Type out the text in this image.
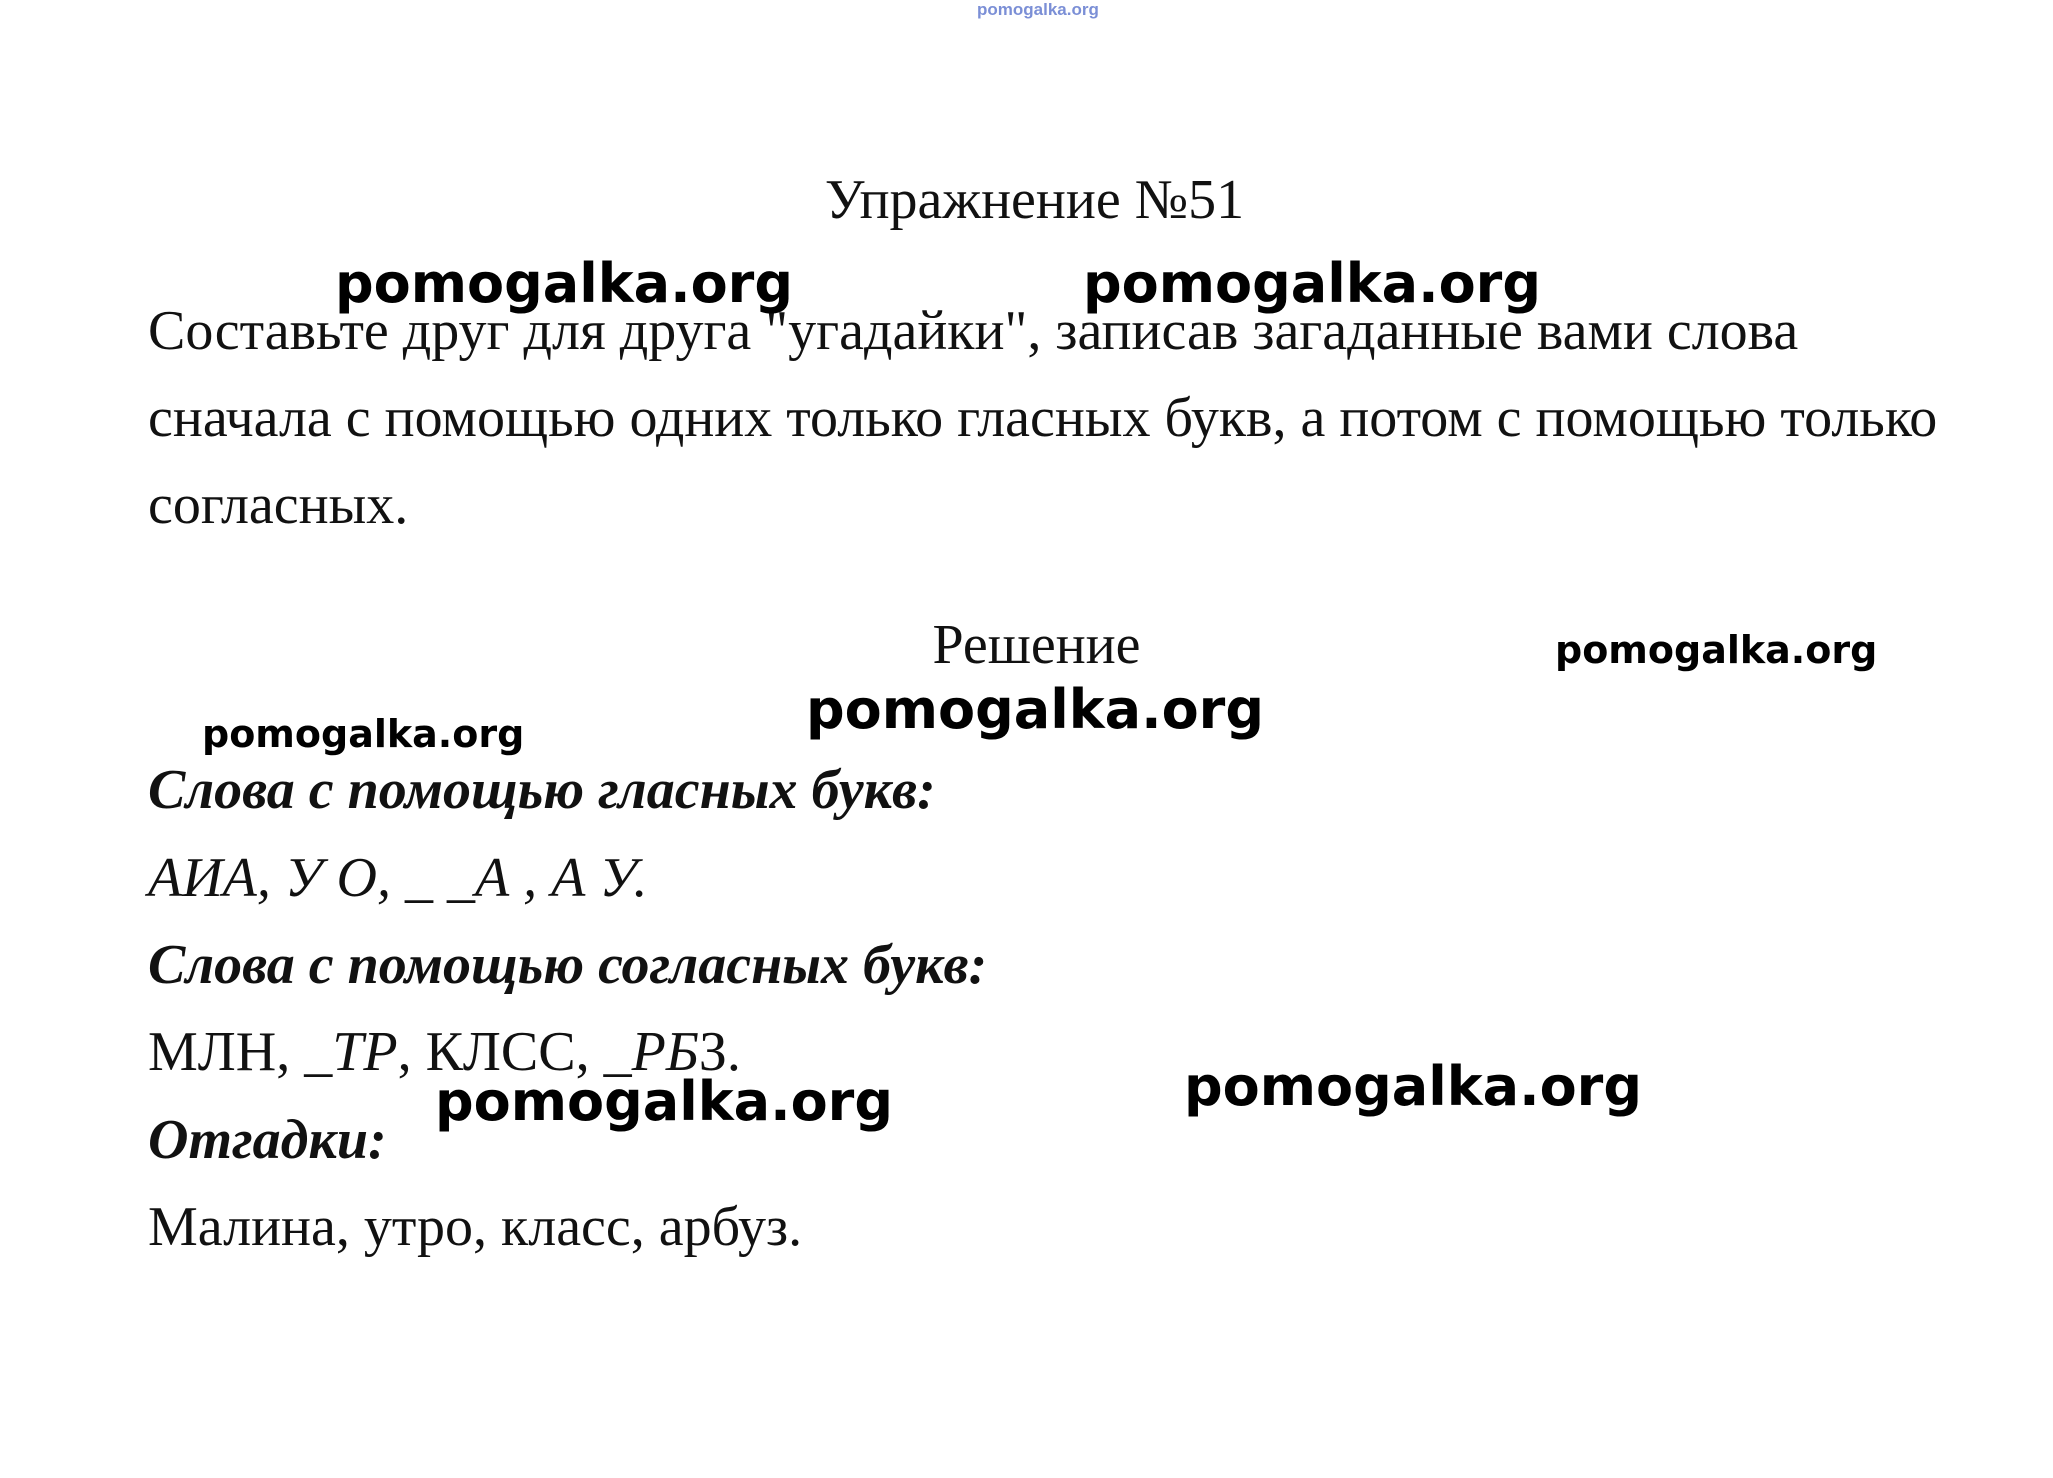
pomogalka.org
Упражнение №51
Составьте друг для друга "угадайки", записав загаданные вами слова сначала с помощью одних только гласных букв, а потом с помощью только согласных.
Решение
Слова с помощью гласных букв:
АИА, У О, _ _А , А У.
Слова с помощью согласных букв:
МЛН, _ТР, КЛСС, _РБЗ.
Отгадки:
Малина, утро, класс, арбуз.
pomogalka.org	pomogalka.org
pomogalka.org
pomogalka.org
pomogalka.org
pomogalka.org	pomogalka.org
